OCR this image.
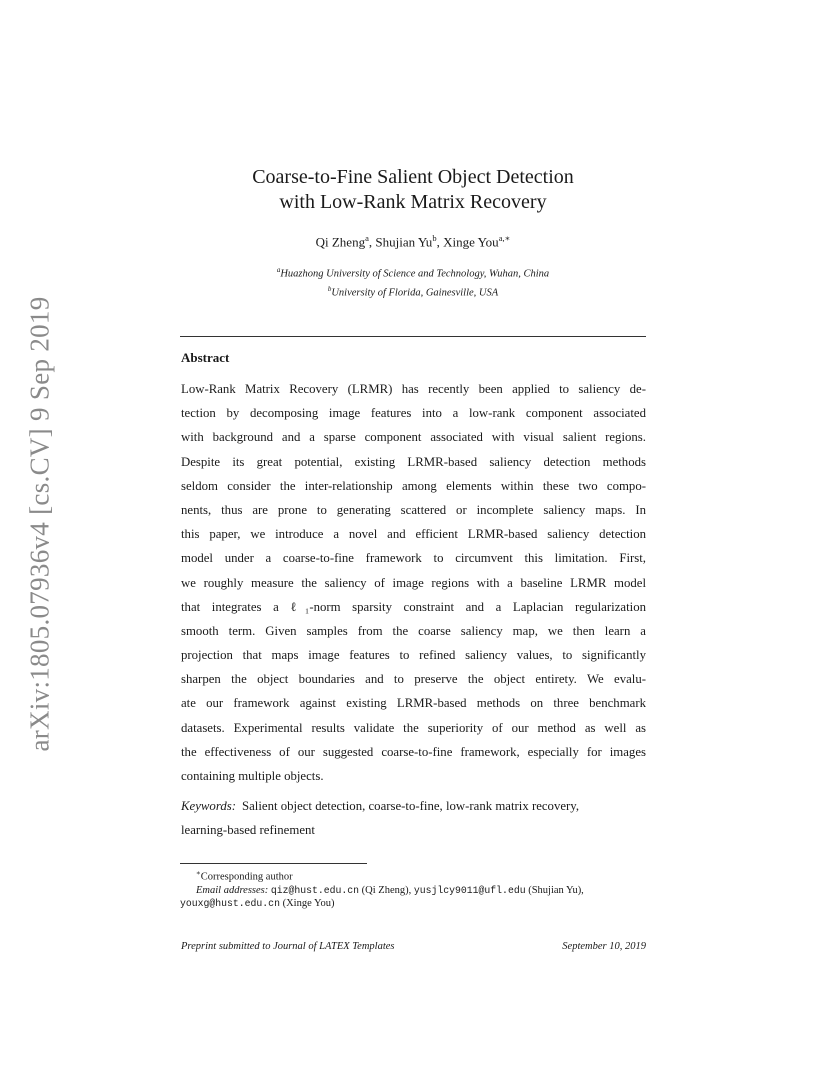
arXiv:1805.07936v4 [cs.CV] 9 Sep 2019
Coarse-to-Fine Salient Object Detection
with Low-Rank Matrix Recovery
Qi Zheng$^a$, Shujian Yu$^b$, Xinge You$^{a,∗}$
$^a$Huazhong University of Science and Technology, Wuhan, China
$^b$University of Florida, Gainesville, USA
Abstract
Low-Rank Matrix Recovery (LRMR) has recently been applied to saliency de-
tection by decomposing image features into a low-rank component associated
with background and a sparse component associated with visual salient regions.
Despite its great potential, existing LRMR-based saliency detection methods
seldom consider the inter-relationship among elements within these two compo-
nents, thus are prone to generating scattered or incomplete saliency maps. In
this paper, we introduce a novel and efficient LRMR-based saliency detection
model under a coarse-to-fine framework to circumvent this limitation. First,
we roughly measure the saliency of image regions with a baseline LRMR model
that integrates a ℓ₁-norm sparsity constraint and a Laplacian regularization
smooth term. Given samples from the coarse saliency map, we then learn a
projection that maps image features to refined saliency values, to significantly
sharpen the object boundaries and to preserve the object entirety. We evalu-
ate our framework against existing LRMR-based methods on three benchmark
datasets. Experimental results validate the superiority of our method as well as
the effectiveness of our suggested coarse-to-fine framework, especially for images
containing multiple objects.
Keywords: Salient object detection, coarse-to-fine, low-rank matrix recovery,
learning-based refinement
∗Corresponding author
Email addresses: qiz@hust.edu.cn (Qi Zheng), yusjlcy9011@ufl.edu (Shujian Yu),
youxg@hust.edu.cn (Xinge You)
Preprint submitted to Journal of LATEX Templates	September 10, 2019
